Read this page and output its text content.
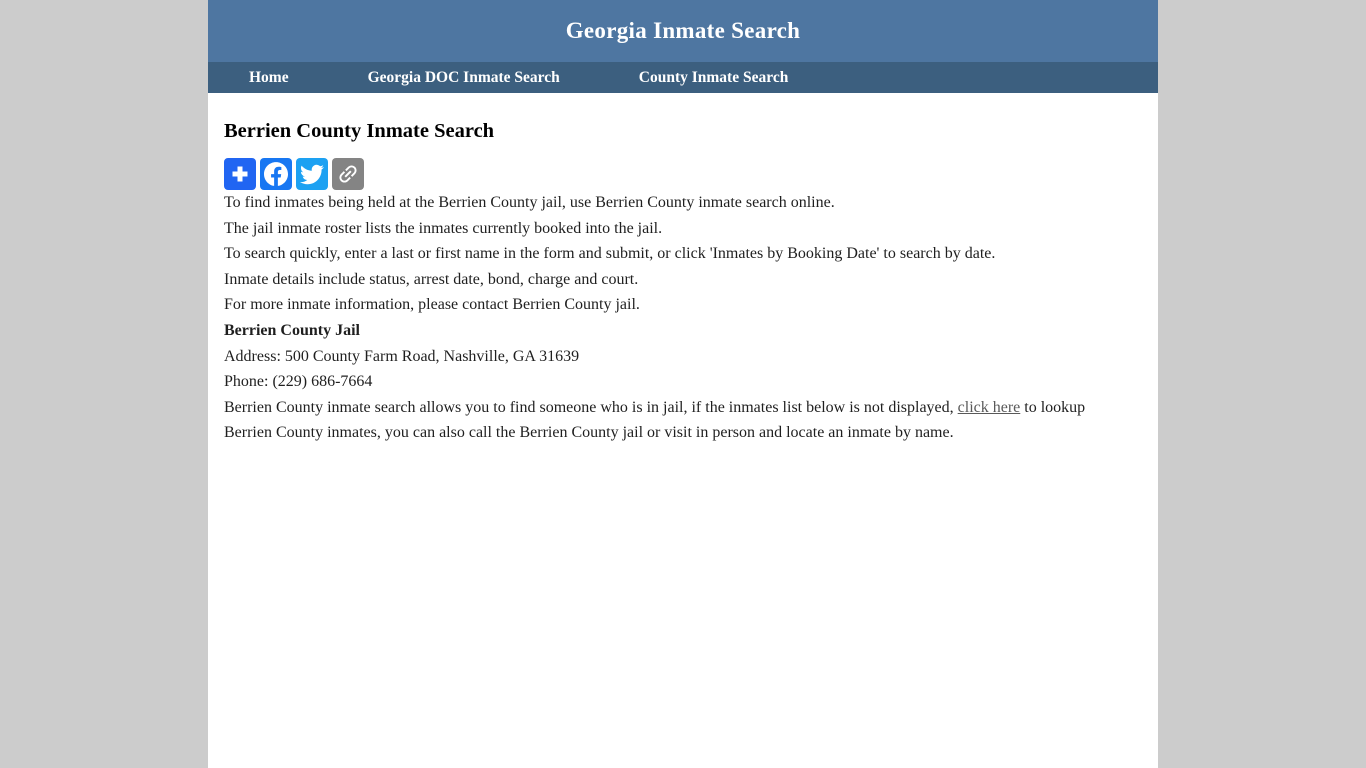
Georgia Inmate Search
Home	Georgia DOC Inmate Search	County Inmate Search
Berrien County Inmate Search

To find inmates being held at the Berrien County jail, use Berrien County inmate search online.
The jail inmate roster lists the inmates currently booked into the jail.
To search quickly, enter a last or first name in the form and submit, or click 'Inmates by Booking Date' to search by date.
Inmate details include status, arrest date, bond, charge and court.
For more inmate information, please contact Berrien County jail.

Berrien County Jail
Address: 500 County Farm Road, Nashville, GA 31639
Phone: (229) 686-7664

Berrien County inmate search allows you to find someone who is in jail, if the inmates list below is not displayed, click here to lookup Berrien County inmates, you can also call the Berrien County jail or visit in person and locate an inmate by name.
